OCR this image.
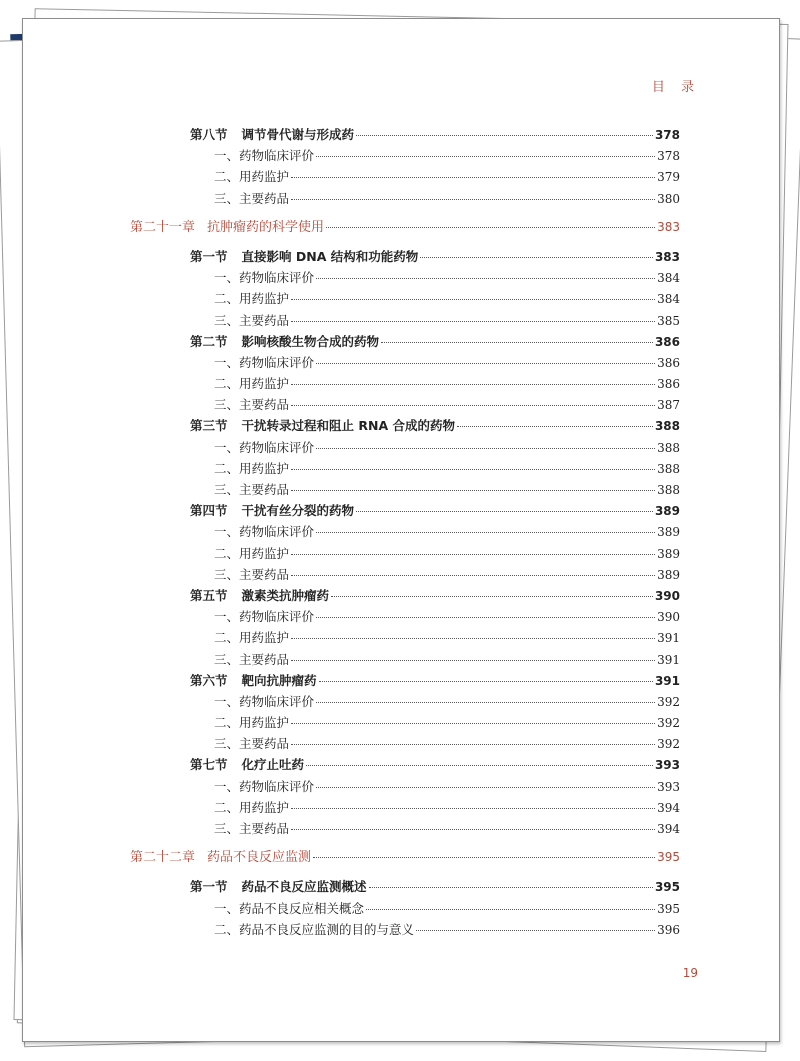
目 录
第八节 调节骨代谢与形成药	378
一、药物临床评价	378
二、用药监护	379
三、主要药品	380
第二十一章 抗肿瘤药的科学使用	383
第一节 直接影响 DNA 结构和功能药物	383
一、药物临床评价	384
二、用药监护	384
三、主要药品	385
第二节 影响核酸生物合成的药物	386
一、药物临床评价	386
二、用药监护	386
三、主要药品	387
第三节 干扰转录过程和阻止 RNA 合成的药物	388
一、药物临床评价	388
二、用药监护	388
三、主要药品	388
第四节 干扰有丝分裂的药物	389
一、药物临床评价	389
二、用药监护	389
三、主要药品	389
第五节 激素类抗肿瘤药	390
一、药物临床评价	390
二、用药监护	391
三、主要药品	391
第六节 靶向抗肿瘤药	391
一、药物临床评价	392
二、用药监护	392
三、主要药品	392
第七节 化疗止吐药	393
一、药物临床评价	393
二、用药监护	394
三、主要药品	394
第二十二章 药品不良反应监测	395
第一节 药品不良反应监测概述	395
一、药品不良反应相关概念	395
二、药品不良反应监测的目的与意义	396
19
